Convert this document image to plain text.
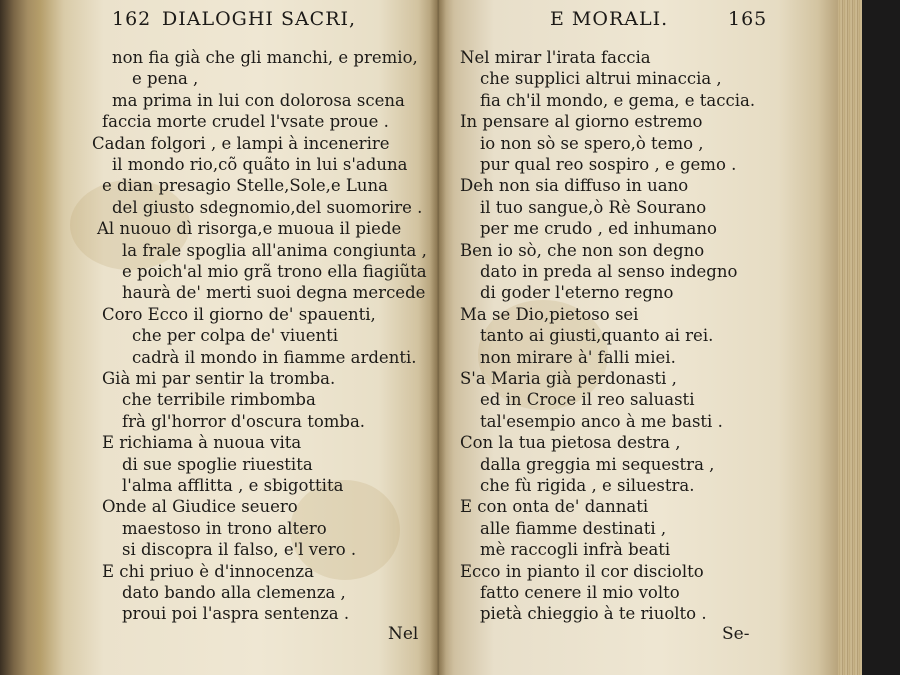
162 DIALOGHI SACRI,
non fia già che gli manchi, e premio,
e pena ,
ma prima in lui con dolorosa scena
faccia morte crudel l'vsate proue .
Cadan folgori , e lampi à incenerire
il mondo rio,cõ quãto in lui s'aduna
e dian presagio Stelle,Sole,e Luna
del giusto sdegnomio,del suomorire .
Al nuouo dì risorga,e muoua il piede
la frale spoglia all'anima congiunta ,
e poich'al mio grã trono ella fiagiũta
haurà de' merti suoi degna mercede
Coro Ecco il giorno de' spauenti,
che per colpa de' viuenti
cadrà il mondo in fiamme ardenti.
Già mi par sentir la tromba.
che terribile rimbomba
frà gl'horror d'oscura tomba.
E richiama à nuoua vita
di sue spoglie riuestita
l'alma afflitta , e sbigottita
Onde al Giudice seuero
maestoso in trono altero
si discopra il falso, e'l vero .
E chi priuo è d'innocenza
dato bando alla clemenza ,
proui poi l'aspra sentenza .
Nel
E MORALI.	165
Nel mirar l'irata faccia
che supplici altrui minaccia ,
fia ch'il mondo, e gema, e taccia.
In pensare al giorno estremo
io non sò se spero,ò temo ,
pur qual reo sospiro , e gemo .
Deh non sia diffuso in uano
il tuo sangue,ò Rè Sourano
per me crudo , ed inhumano
Ben io sò, che non son degno
dato in preda al senso indegno
di goder l'eterno regno
Ma se Dio,pietoso sei
tanto ai giusti,quanto ai rei.
non mirare à' falli miei.
S'a Maria già perdonasti ,
ed in Croce il reo saluasti
tal'esempio anco à me basti .
Con la tua pietosa destra ,
dalla greggia mi sequestra ,
che fù rigida , e siluestra.
E con onta de' dannati
alle fiamme destinati ,
mè raccogli infrà beati
Ecco in pianto il cor disciolto
fatto cenere il mio volto
pietà chieggio à te riuolto .
Se-
